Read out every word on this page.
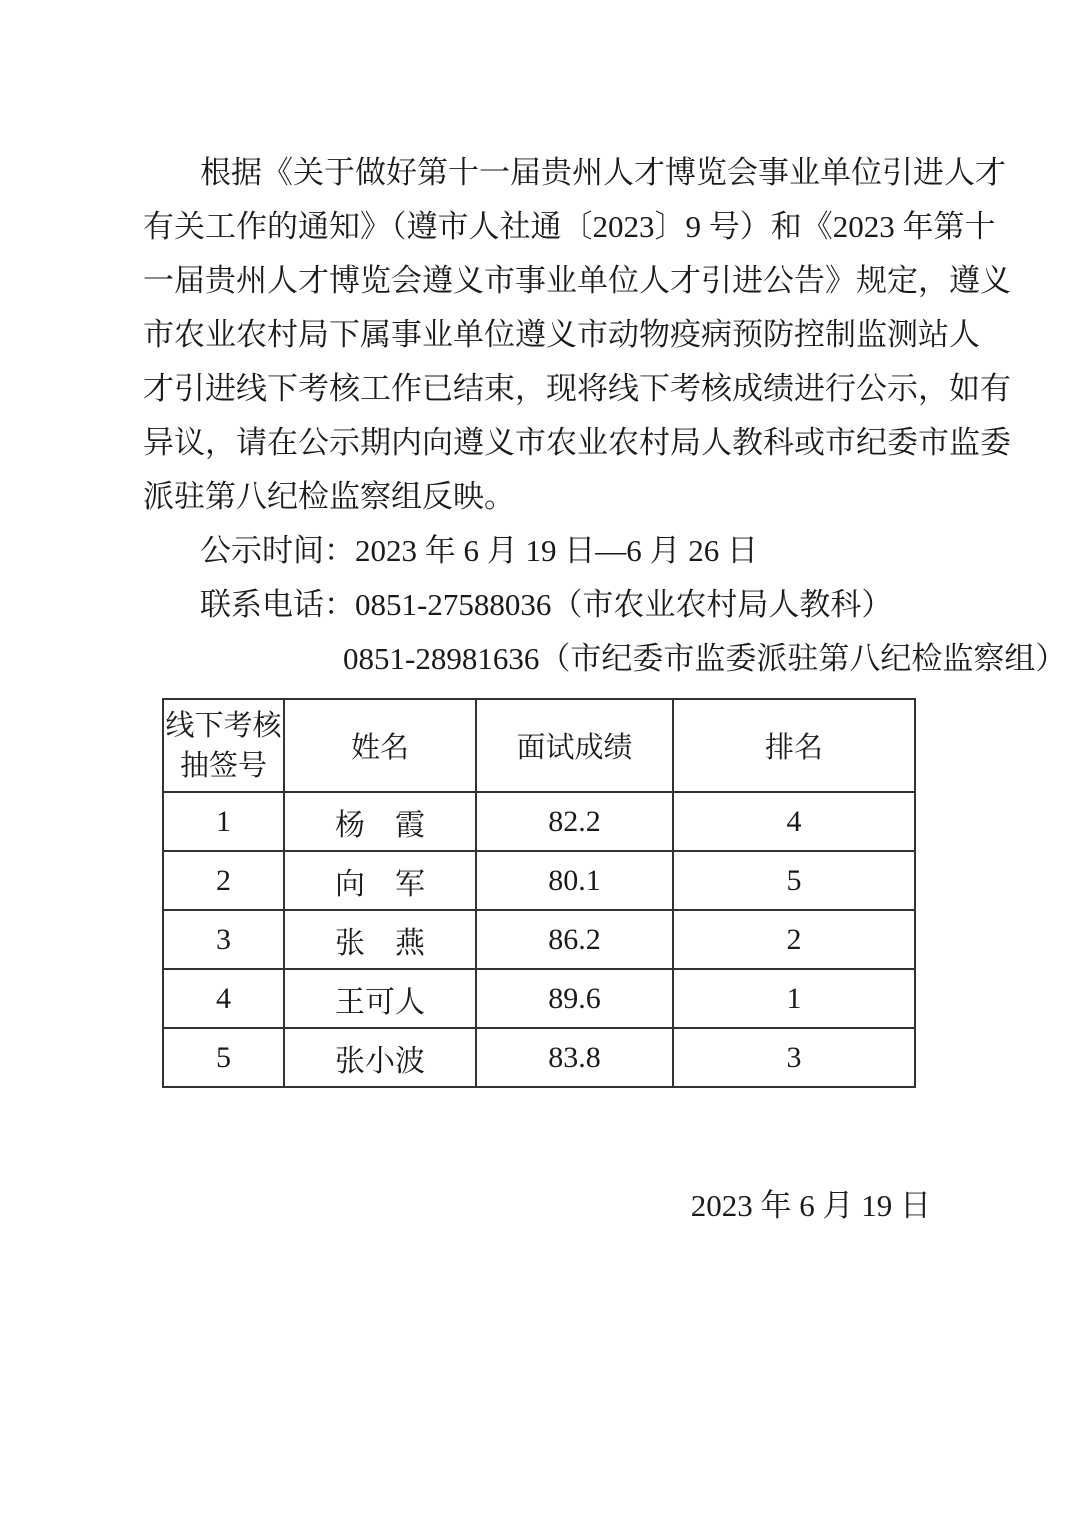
根据《关于做好第十一届贵州人才博览会事业单位引进人才
有关工作的通知》（遵市人社通〔2023〕9 号）和《2023 年第十
一届贵州人才博览会遵义市事业单位人才引进公告》规定，遵义
市农业农村局下属事业单位遵义市动物疫病预防控制监测站人
才引进线下考核工作已结束，现将线下考核成绩进行公示，如有
异议，请在公示期内向遵义市农业农村局人教科或市纪委市监委
派驻第八纪检监察组反映。
公示时间：2023 年 6 月 19 日—6 月 26 日
联系电话：0851-27588036（市农业农村局人教科）
0851-28981636（市纪委市监委派驻第八纪检监察组）
线下考核
抽签号	姓名	面试成绩	排名
1	杨　霞	82.2	4
2	向　军	80.1	5
3	张　燕	86.2	2
4	王可人	89.6	1
5	张小波	83.8	3
2023 年 6 月 19 日
